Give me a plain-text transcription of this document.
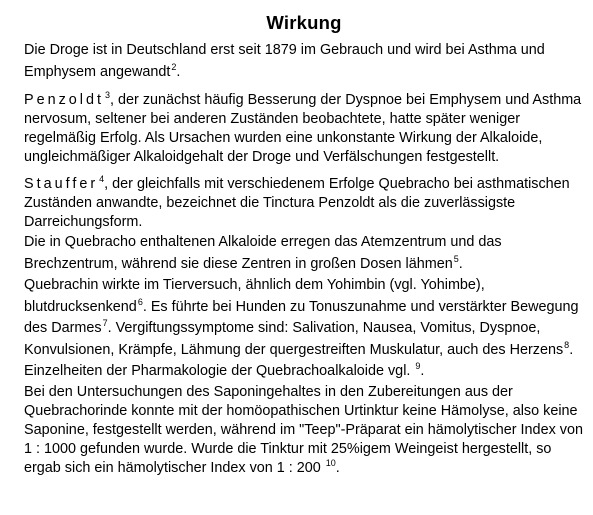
Wirkung

Die Droge ist in Deutschland erst seit 1879 im Gebrauch und wird bei Asthma und Emphysem angewandt$^2$.

Penzoldt$^3$, der zunächst häufig Besserung der Dyspnoe bei Emphysem und Asthma nervosum, seltener bei anderen Zuständen beobachtete, hatte später weniger regelmäßig Erfolg. Als Ursachen wurden eine unkonstante Wirkung der Alkaloide, ungleichmäßiger Alkaloidgehalt der Droge und Verfälschungen festgestellt.

Stauffer$^4$, der gleichfalls mit verschiedenem Erfolge Quebracho bei asthmatischen Zuständen anwandte, bezeichnet die Tinctura Penzoldt als die zuverlässigste Darreichungsform.

Die in Quebracho enthaltenen Alkaloide erregen das Atemzentrum und das Brechzentrum, während sie diese Zentren in großen Dosen lähmen$^5$.

Quebrachin wirkte im Tierversuch, ähnlich dem Yohimbin (vgl. Yohimbe), blutdrucksenkend$^6$. Es führte bei Hunden zu Tonuszunahme und verstärkter Bewegung des Darmes$^7$. Vergiftungssymptome sind: Salivation, Nausea, Vomitus, Dyspnoe, Konvulsionen, Krämpfe, Lähmung der quergestreiften Muskulatur, auch des Herzens$^8$.

Einzelheiten der Pharmakologie der Quebrachoalkaloide vgl. $^9$.

Bei den Untersuchungen des Saponingehaltes in den Zubereitungen aus der Quebrachorinde konnte mit der homöopathischen Urtinktur keine Hämolyse, also keine Saponine, festgestellt werden, während im "Teep"-Präparat ein hämolytischer Index von 1 : 1000 gefunden wurde. Wurde die Tinktur mit 25%igem Weingeist hergestellt, so ergab sich ein hämolytischer Index von 1 : 200 $^{10}$.
